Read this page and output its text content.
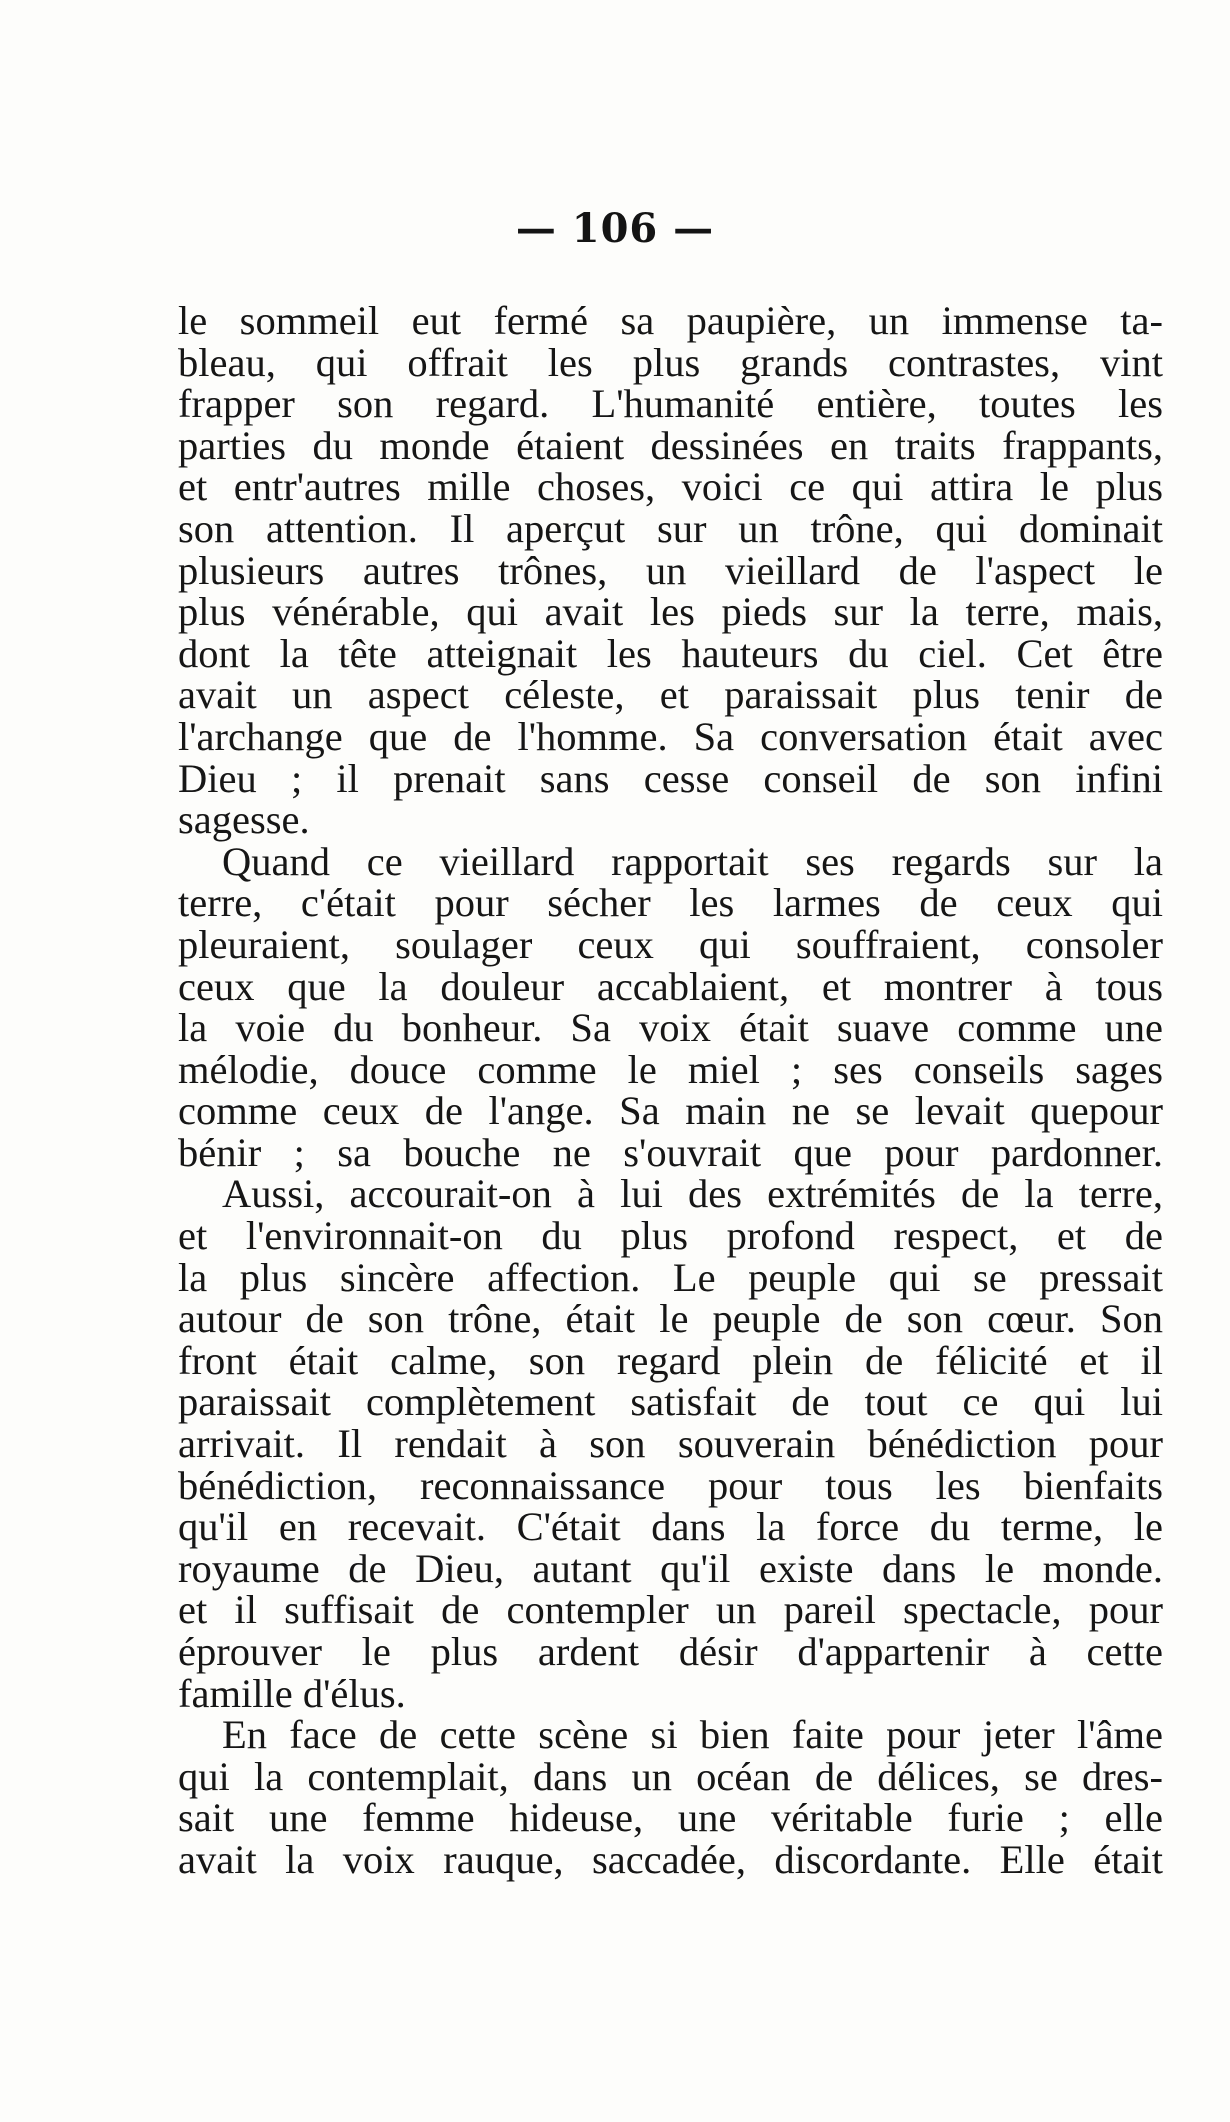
— 106 —
le sommeil eut fermé sa paupière, un immense ta-
bleau, qui offrait les plus grands contrastes, vint
frapper son regard. L'humanité entière, toutes les
parties du monde étaient dessinées en traits frappants,
et entr'autres mille choses, voici ce qui attira le plus
son attention. Il aperçut sur un trône, qui dominait
plusieurs autres trônes, un vieillard de l'aspect le
plus vénérable, qui avait les pieds sur la terre, mais,
dont la tête atteignait les hauteurs du ciel. Cet être
avait un aspect céleste, et paraissait plus tenir de
l'archange que de l'homme. Sa conversation était avec
Dieu ; il prenait sans cesse conseil de son infini
sagesse.
Quand ce vieillard rapportait ses regards sur la
terre, c'était pour sécher les larmes de ceux qui
pleuraient, soulager ceux qui souffraient, consoler
ceux que la douleur accablaient, et montrer à tous
la voie du bonheur. Sa voix était suave comme une
mélodie, douce comme le miel ; ses conseils sages
comme ceux de l'ange. Sa main ne se levait quepour
bénir ; sa bouche ne s'ouvrait que pour pardonner.
Aussi, accourait-on à lui des extrémités de la terre,
et l'environnait-on du plus profond respect, et de
la plus sincère affection. Le peuple qui se pressait
autour de son trône, était le peuple de son cœur. Son
front était calme, son regard plein de félicité et il
paraissait complètement satisfait de tout ce qui lui
arrivait. Il rendait à son souverain bénédiction pour
bénédiction, reconnaissance pour tous les bienfaits
qu'il en recevait. C'était dans la force du terme, le
royaume de Dieu, autant qu'il existe dans le monde.
et il suffisait de contempler un pareil spectacle, pour
éprouver le plus ardent désir d'appartenir à cette
famille d'élus.
En face de cette scène si bien faite pour jeter l'âme
qui la contemplait, dans un océan de délices, se dres-
sait une femme hideuse, une véritable furie ; elle
avait la voix rauque, saccadée, discordante. Elle était
